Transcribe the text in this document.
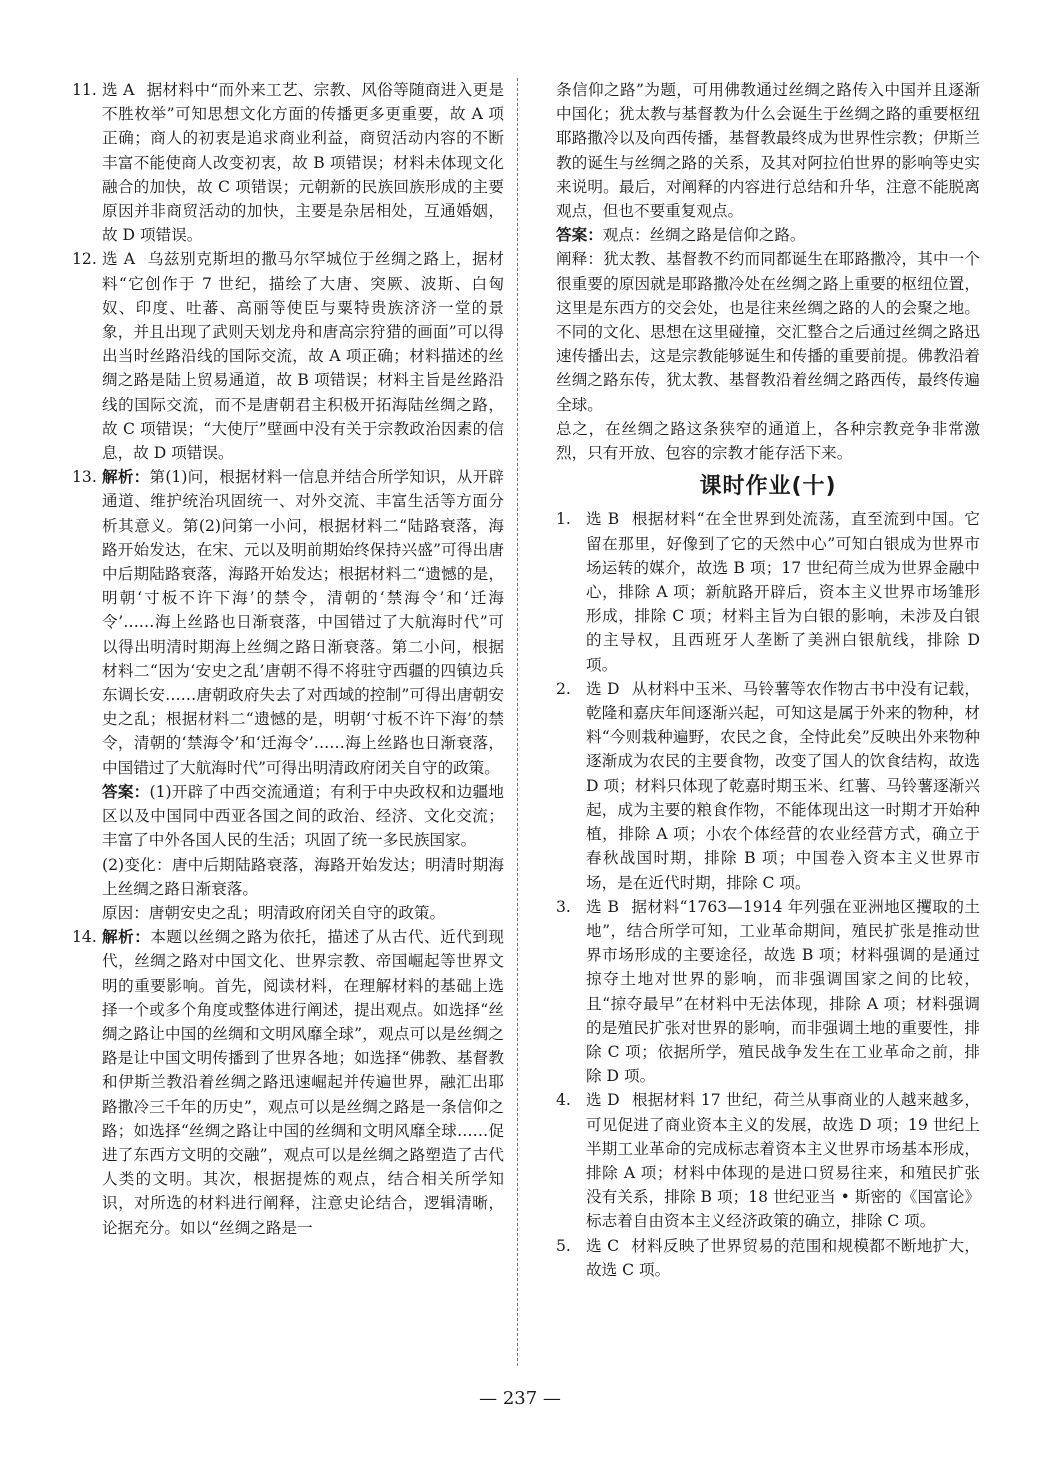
11. 选 A 据材料中“而外来工艺、宗教、风俗等随商进入更是不胜枚举”可知思想文化方面的传播更多更重要，故 A 项正确；商人的初衷是追求商业利益，商贸活动内容的不断丰富不能使商人改变初衷，故 B 项错误；材料未体现文化融合的加快，故 C 项错误；元朝新的民族回族形成的主要原因并非商贸活动的加快，主要是杂居相处，互通婚姻，故 D 项错误。
12. 选 A 乌兹别克斯坦的撒马尔罕城位于丝绸之路上，据材料“它创作于 7 世纪，描绘了大唐、突厥、波斯、白匈奴、印度、吐蕃、高丽等使臣与粟特贵族济济一堂的景象，并且出现了武则天划龙舟和唐高宗狩猎的画面”可以得出当时丝路沿线的国际交流，故 A 项正确；材料描述的丝绸之路是陆上贸易通道，故 B 项错误；材料主旨是丝路沿线的国际交流，而不是唐朝君主积极开拓海陆丝绸之路，故 C 项错误；“大使厅”壁画中没有关于宗教政治因素的信息，故 D 项错误。
13. 解析：第(1)问，根据材料一信息并结合所学知识，从开辟通道、维护统治巩固统一、对外交流、丰富生活等方面分析其意义。第(2)问第一小问，根据材料二“陆路衰落，海路开始发达，在宋、元以及明前期始终保持兴盛”可得出唐中后期陆路衰落，海路开始发达；根据材料二“遗憾的是，明朝‘寸板不许下海’的禁令，清朝的‘禁海令’和‘迁海令’……海上丝路也日渐衰落，中国错过了大航海时代”可以得出明清时期海上丝绸之路日渐衰落。第二小问，根据材料二“因为‘安史之乱’唐朝不得不将驻守西疆的四镇边兵东调长安……唐朝政府失去了对西域的控制”可得出唐朝安史之乱；根据材料二“遗憾的是，明朝‘寸板不许下海’的禁令，清朝的‘禁海令’和‘迁海令’……海上丝路也日渐衰落，中国错过了大航海时代”可得出明清政府闭关自守的政策。

答案：(1)开辟了中西交流通道；有利于中央政权和边疆地区以及中国同中西亚各国之间的政治、经济、文化交流；丰富了中外各国人民的生活；巩固了统一多民族国家。

(2)变化：唐中后期陆路衰落，海路开始发达；明清时期海上丝绸之路日渐衰落。

原因：唐朝安史之乱；明清政府闭关自守的政策。

14. 解析：本题以丝绸之路为依托，描述了从古代、近代到现代，丝绸之路对中国文化、世界宗教、帝国崛起等世界文明的重要影响。首先，阅读材料，在理解材料的基础上选择一个或多个角度或整体进行阐述，提出观点。如选择“丝绸之路让中国的丝绸和文明风靡全球”，观点可以是丝绸之路是让中国文明传播到了世界各地；如选择“佛教、基督教和伊斯兰教沿着丝绸之路迅速崛起并传遍世界，融汇出耶路撒冷三千年的历史”，观点可以是丝绸之路是一条信仰之路；如选择“丝绸之路让中国的丝绸和文明风靡全球……促进了东西方文明的交融”，观点可以是丝绸之路塑造了古代人类的文明。其次，根据提炼的观点，结合相关所学知识，对所选的材料进行阐释，注意史论结合，逻辑清晰，论据充分。如以“丝绸之路是一

条信仰之路”为题，可用佛教通过丝绸之路传入中国并且逐渐中国化；犹太教与基督教为什么会诞生于丝绸之路的重要枢纽耶路撒冷以及向西传播，基督教最终成为世界性宗教；伊斯兰教的诞生与丝绸之路的关系，及其对阿拉伯世界的影响等史实来说明。最后，对阐释的内容进行总结和升华，注意不能脱离观点，但也不要重复观点。

答案：观点：丝绸之路是信仰之路。

阐释：犹太教、基督教不约而同都诞生在耶路撒冷，其中一个很重要的原因就是耶路撒冷处在丝绸之路上重要的枢纽位置，这里是东西方的交会处，也是往来丝绸之路的人的会聚之地。不同的文化、思想在这里碰撞，交汇整合之后通过丝绸之路迅速传播出去，这是宗教能够诞生和传播的重要前提。佛教沿着丝绸之路东传，犹太教、基督教沿着丝绸之路西传，最终传遍全球。

总之，在丝绸之路这条狭窄的通道上，各种宗教竞争非常激烈，只有开放、包容的宗教才能存活下来。

课时作业(十)
1. 选 B 根据材料“在全世界到处流荡，直至流到中国。它留在那里，好像到了它的天然中心”可知白银成为世界市场运转的媒介，故选 B 项；17 世纪荷兰成为世界金融中心，排除 A 项；新航路开辟后，资本主义世界市场雏形形成，排除 C 项；材料主旨为白银的影响，未涉及白银的主导权，且西班牙人垄断了美洲白银航线，排除 D 项。
2. 选 D 从材料中玉米、马铃薯等农作物古书中没有记载，乾隆和嘉庆年间逐渐兴起，可知这是属于外来的物种，材料“今则栽种遍野，农民之食，全恃此矣”反映出外来物种逐渐成为农民的主要食物，改变了国人的饮食结构，故选 D 项；材料只体现了乾嘉时期玉米、红薯、马铃薯逐渐兴起，成为主要的粮食作物，不能体现出这一时期才开始种植，排除 A 项；小农个体经营的农业经营方式，确立于春秋战国时期，排除 B 项；中国卷入资本主义世界市场，是在近代时期，排除 C 项。
3. 选 B 据材料“1763—1914 年列强在亚洲地区攫取的土地”，结合所学可知，工业革命期间，殖民扩张是推动世界市场形成的主要途径，故选 B 项；材料强调的是通过掠夺土地对世界的影响，而非强调国家之间的比较，且“掠夺最早”在材料中无法体现，排除 A 项；材料强调的是殖民扩张对世界的影响，而非强调土地的重要性，排除 C 项；依据所学，殖民战争发生在工业革命之前，排除 D 项。
4. 选 D 根据材料 17 世纪，荷兰从事商业的人越来越多，可见促进了商业资本主义的发展，故选 D 项；19 世纪上半期工业革命的完成标志着资本主义世界市场基本形成，排除 A 项；材料中体现的是进口贸易往来，和殖民扩张没有关系，排除 B 项；18 世纪亚当 • 斯密的《国富论》标志着自由资本主义经济政策的确立，排除 C 项。
5. 选 C 材料反映了世界贸易的范围和规模都不断地扩大，故选 C 项。
— 237 —
